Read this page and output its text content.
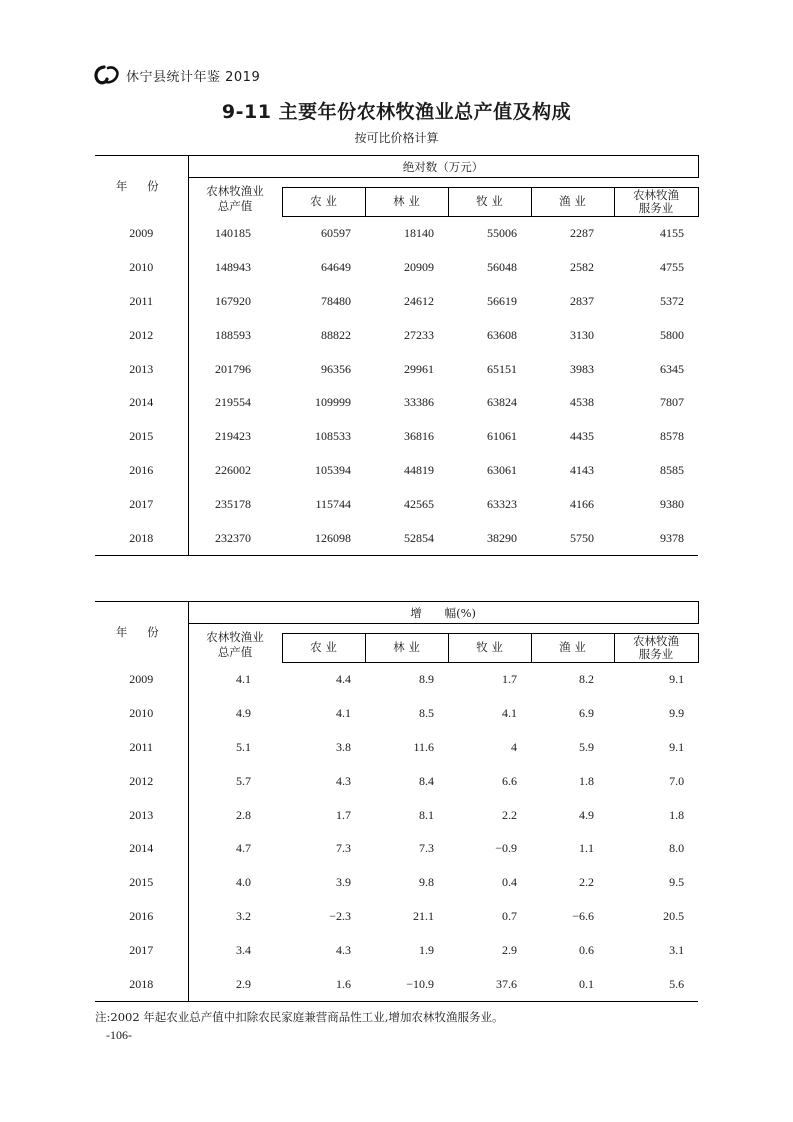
休宁县统计年鉴 2019
9-11 主要年份农林牧渔业总产值及构成
按可比价格计算
年 份	绝对数（万元）					

	农林牧渔业
总产值					

		农 业	林 业	牧 业	渔 业	农林牧渔
服务业

2009	140185	60597	18140	55006	2287	4155
2010	148943	64649	20909	56048	2582	4755
2011	167920	78480	24612	56619	2837	5372
2012	188593	88822	27233	63608	3130	5800
2013	201796	96356	29961	65151	3983	6345
2014	219554	109999	33386	63824	4538	7807
2015	219423	108533	36816	61061	4435	8578
2016	226002	105394	44819	63061	4143	8585
2017	235178	115744	42565	63323	4166	9380
2018	232370	126098	52854	38290	5750	9378
年 份	增　　幅(%)					

	农林牧渔业
总产值					

		农 业	林 业	牧 业	渔 业	农林牧渔
服务业

2009	4.1	4.4	8.9	1.7	8.2	9.1
2010	4.9	4.1	8.5	4.1	6.9	9.9
2011	5.1	3.8	11.6	4	5.9	9.1
2012	5.7	4.3	8.4	6.6	1.8	7.0
2013	2.8	1.7	8.1	2.2	4.9	1.8
2014	4.7	7.3	7.3	−0.9	1.1	8.0
2015	4.0	3.9	9.8	0.4	2.2	9.5
2016	3.2	−2.3	21.1	0.7	−6.6	20.5
2017	3.4	4.3	1.9	2.9	0.6	3.1
2018	2.9	1.6	−10.9	37.6	0.1	5.6
注:2002 年起农业总产值中扣除农民家庭兼营商品性工业,增加农林牧渔服务业。
-106-
